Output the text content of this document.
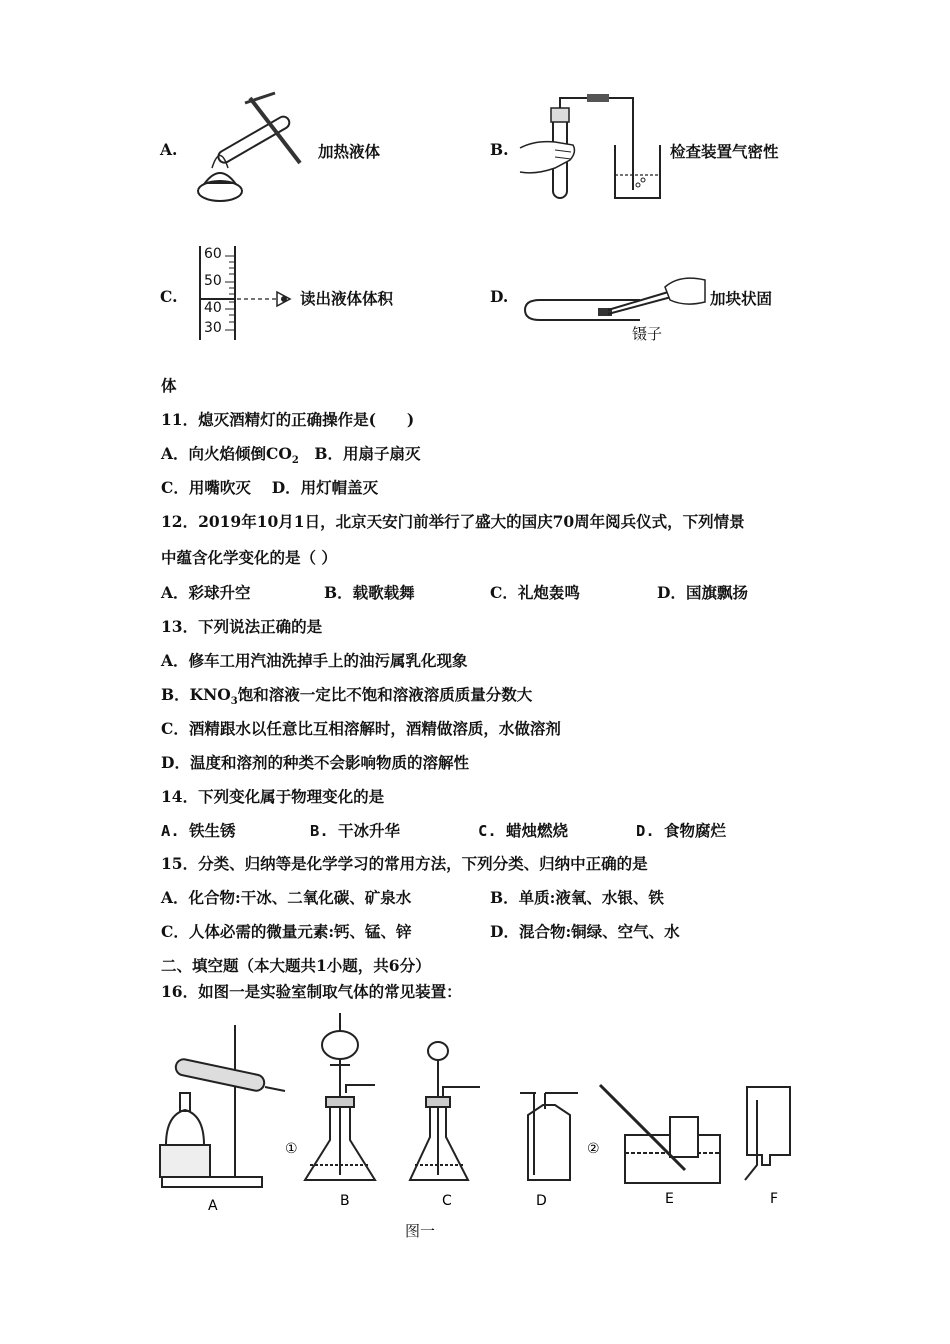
A.	加热液体	B.	检查装置气密性
C.
60
50
40
30
读出液体体积	D.	加块状固
镊子
体
11．熄灭酒精灯的正确操作是(　　)
A．向火焰倾倒$CO_2$　B．用扇子扇灭
C．用嘴吹灭　 D．用灯帽盖灭
12．2019年10月1日，北京天安门前举行了盛大的国庆70周年阅兵仪式，下列情景
中蕴含化学变化的是（ ）
A．彩球升空	B．载歌载舞	C．礼炮轰鸣	D．国旗飘扬
13．下列说法正确的是
A．修车工用汽油洗掉手上的油污属乳化现象
B．$KNO_3$饱和溶液一定比不饱和溶液溶质质量分数大
C．酒精跟水以任意比互相溶解时，酒精做溶质，水做溶剂
D．温度和溶剂的种类不会影响物质的溶解性
14．下列变化属于物理变化的是
A. 铁生锈	B. 干冰升华	C. 蜡烛燃烧	D. 食物腐烂
15．分类、归纳等是化学学习的常用方法，下列分类、归纳中正确的是
A．化合物:干冰、二氧化碳、矿泉水	B．单质:液氧、水银、铁
C．人体必需的微量元素:钙、锰、锌	D．混合物:铜绿、空气、水
二、填空题（本大题共1小题，共6分）
16．如图一是实验室制取气体的常见装置：
①	②
A	B	C	D	E	F
图一
